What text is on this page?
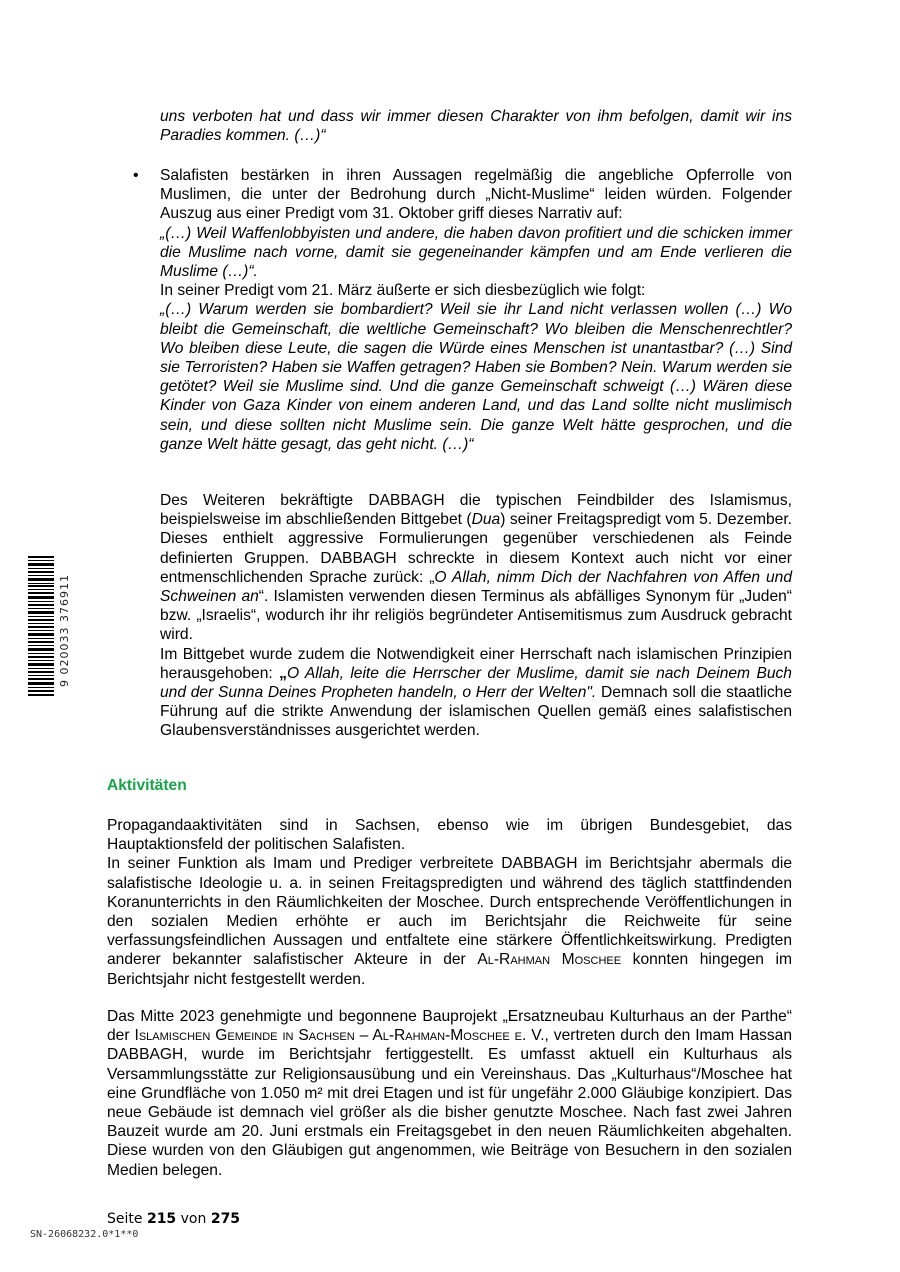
uns verboten hat und dass wir immer diesen Charakter von ihm befolgen, damit wir ins Paradies kommen. (…)“

• Salafisten bestärken in ihren Aussagen regelmäßig die angebliche Opferrolle von Muslimen, die unter der Bedrohung durch „Nicht-Muslime“ leiden würden. Folgender Auszug aus einer Predigt vom 31. Oktober griff dieses Narrativ auf:

„(…) Weil Waffenlobbyisten und andere, die haben davon profitiert und die schicken immer die Muslime nach vorne, damit sie gegeneinander kämpfen und am Ende verlieren die Muslime (…)“.

In seiner Predigt vom 21. März äußerte er sich diesbezüglich wie folgt:

„(…) Warum werden sie bombardiert? Weil sie ihr Land nicht verlassen wollen (…) Wo bleibt die Gemeinschaft, die weltliche Gemeinschaft? Wo bleiben die Menschenrechtler? Wo bleiben diese Leute, die sagen die Würde eines Menschen ist unantastbar? (…) Sind sie Terroristen? Haben sie Waffen getragen? Haben sie Bomben? Nein. Warum werden sie getötet? Weil sie Muslime sind. Und die ganze Gemeinschaft schweigt (…) Wären diese Kinder von Gaza Kinder von einem anderen Land, und das Land sollte nicht muslimisch sein, und diese sollten nicht Muslime sein. Die ganze Welt hätte gesprochen, und die ganze Welt hätte gesagt, das geht nicht. (…)“

Des Weiteren bekräftigte DABBAGH die typischen Feindbilder des Islamismus, beispielsweise im abschließenden Bittgebet (Dua) seiner Freitagspredigt vom 5. Dezember. Dieses enthielt aggressive Formulierungen gegenüber verschiedenen als Feinde definierten Gruppen. DABBAGH schreckte in diesem Kontext auch nicht vor einer entmenschlichenden Sprache zurück: „O Allah, nimm Dich der Nachfahren von Affen und Schweinen an“. Islamisten verwenden diesen Terminus als abfälliges Synonym für „Juden“ bzw. „Israelis“, wodurch ihr ihr religiös begründeter Antisemitismus zum Ausdruck gebracht wird.

Im Bittgebet wurde zudem die Notwendigkeit einer Herrschaft nach islamischen Prinzipien herausgehoben: „O Allah, leite die Herrscher der Muslime, damit sie nach Deinem Buch und der Sunna Deines Propheten handeln, o Herr der Welten". Demnach soll die staatliche Führung auf die strikte Anwendung der islamischen Quellen gemäß eines salafistischen Glaubensverständnisses ausgerichtet werden.

Aktivitäten

Propagandaaktivitäten sind in Sachsen, ebenso wie im übrigen Bundesgebiet, das Hauptaktionsfeld der politischen Salafisten.

In seiner Funktion als Imam und Prediger verbreitete DABBAGH im Berichtsjahr abermals die salafistische Ideologie u. a. in seinen Freitagspredigten und während des täglich stattfindenden Koranunterrichts in den Räumlichkeiten der Moschee. Durch entsprechende Veröffentlichungen in den sozialen Medien erhöhte er auch im Berichtsjahr die Reichweite für seine verfassungsfeindlichen Aussagen und entfaltete eine stärkere Öffentlichkeitswirkung. Predigten anderer bekannter salafistischer Akteure in der Al-Rahman Moschee konnten hingegen im Berichtsjahr nicht festgestellt werden.

Das Mitte 2023 genehmigte und begonnene Bauprojekt „Ersatzneubau Kulturhaus an der Parthe“ der Islamischen Gemeinde in Sachsen – Al-Rahman-Moschee e. V., vertreten durch den Imam Hassan DABBAGH, wurde im Berichtsjahr fertiggestellt. Es umfasst aktuell ein Kulturhaus als Versammlungsstätte zur Religionsausübung und ein Vereinshaus. Das „Kulturhaus“/Moschee hat eine Grundfläche von 1.050 m² mit drei Etagen und ist für ungefähr 2.000 Gläubige konzipiert. Das neue Gebäude ist demnach viel größer als die bisher genutzte Moschee. Nach fast zwei Jahren Bauzeit wurde am 20. Juni erstmals ein Freitagsgebet in den neuen Räumlichkeiten abgehalten. Diese wurden von den Gläubigen gut angenommen, wie Beiträge von Besuchern in den sozialen Medien belegen.

Seite 215 von 275
SN-26068232.0*1**0
9 020033 376911
